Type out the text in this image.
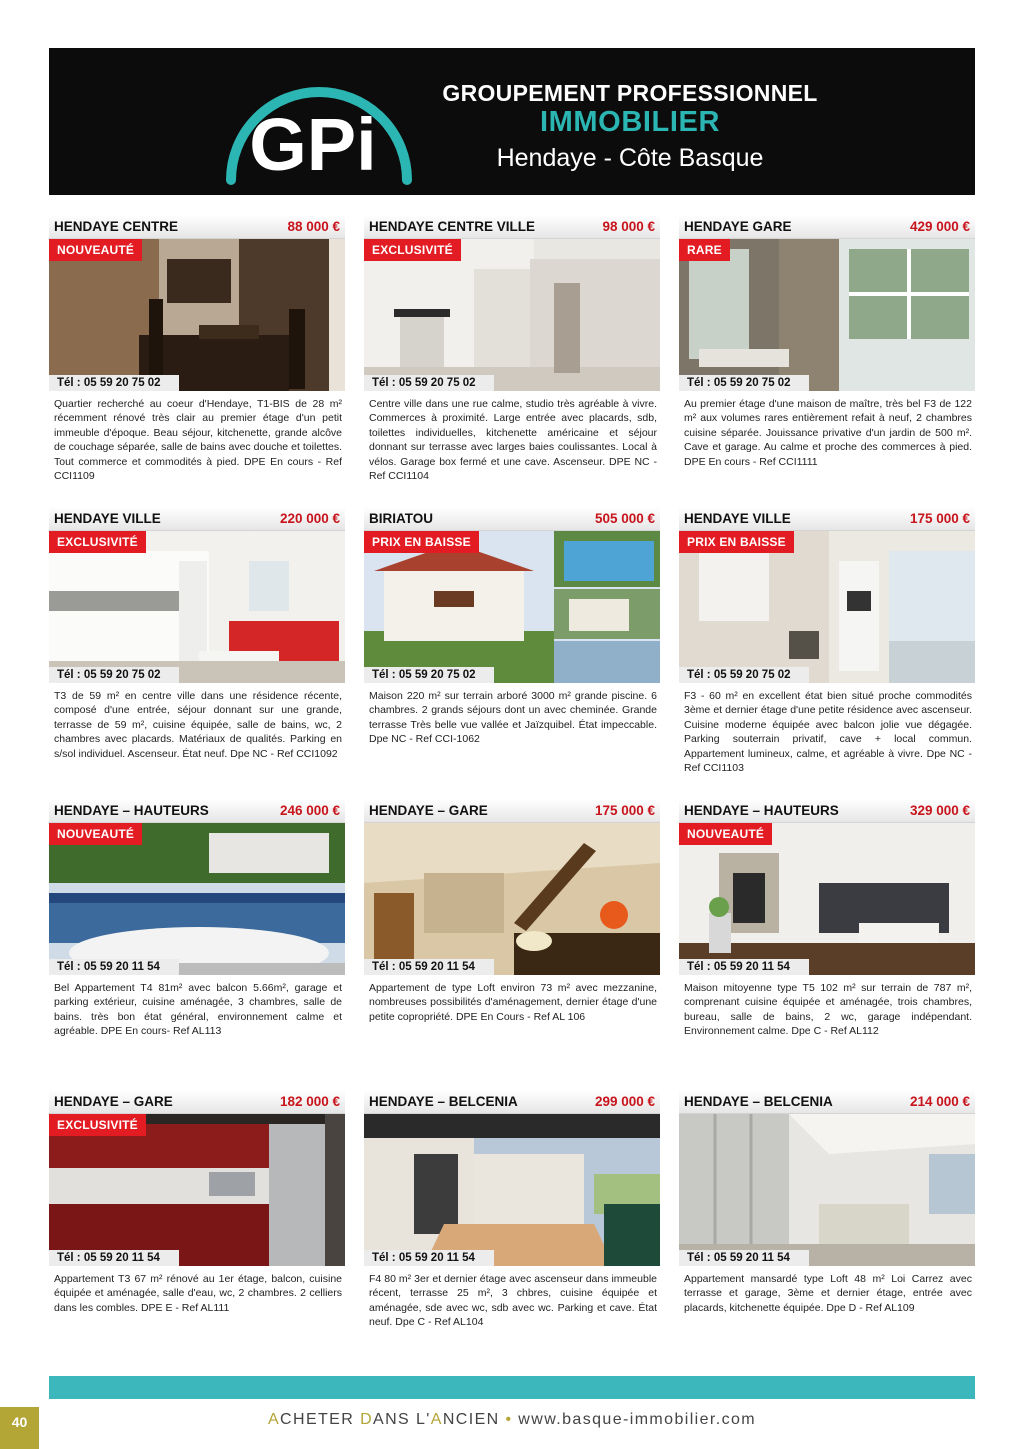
GPi
GROUPEMENT PROFESSIONNEL
IMMOBILIER
Hendaye - Côte Basque
HENDAYE CENTRE	88 000 €
NOUVEAUTÉ
Tél : 05 59 20 75 02
Quartier recherché au coeur d'Hendaye, T1-BIS de 28 m² récemment rénové très clair au premier étage d'un petit immeuble d'époque. Beau séjour, kitchenette, grande alcôve de couchage séparée, salle de bains avec douche et toilettes. Tout commerce et commodités à pied. DPE En cours - Ref CCI1109
HENDAYE CENTRE VILLE	98 000 €
EXCLUSIVITÉ
Tél : 05 59 20 75 02
Centre ville dans une rue calme, studio très agréable à vivre. Commerces à proximité. Large entrée avec placards, sdb, toilettes individuelles, kitchenette américaine et séjour donnant sur terrasse avec larges baies coulissantes. Local à vélos. Garage box fermé et une cave. Ascenseur. DPE NC - Ref CCI1104
HENDAYE GARE	429 000 €
RARE
Tél : 05 59 20 75 02
Au premier étage d'une maison de maître, très bel F3 de 122 m² aux volumes rares entièrement refait à neuf, 2 chambres cuisine séparée. Jouissance privative d'un jardin de 500 m². Cave et garage. Au calme et proche des commerces à pied. DPE En cours - Ref CCI1111
HENDAYE VILLE	220 000 €
EXCLUSIVITÉ
Tél : 05 59 20 75 02
T3 de 59 m² en centre ville dans une résidence récente, composé d'une entrée, séjour donnant sur une grande, terrasse de 59 m², cuisine équipée, salle de bains, wc, 2 chambres avec placards. Matériaux de qualités. Parking en s/sol individuel. Ascenseur. État neuf. Dpe NC - Ref CCI1092
BIRIATOU	505 000 €
PRIX EN BAISSE
Tél : 05 59 20 75 02
Maison 220 m² sur terrain arboré 3000 m² grande piscine. 6 chambres. 2 grands séjours dont un avec cheminée. Grande terrasse Très belle vue vallée et Jaïzquibel. État impeccable. Dpe NC - Ref CCI-1062
HENDAYE VILLE	175 000 €
PRIX EN BAISSE
Tél : 05 59 20 75 02
F3 - 60 m² en excellent état bien situé proche commodités 3ème et dernier étage d'une petite résidence avec ascenseur. Cuisine moderne équipée avec balcon jolie vue dégagée. Parking souterrain privatif, cave + local commun. Appartement lumineux, calme, et agréable à vivre. Dpe NC - Ref CCI1103
HENDAYE – HAUTEURS	246 000 €
NOUVEAUTÉ
Tél : 05 59 20 11 54
Bel Appartement T4 81m² avec balcon 5.66m², garage et parking extérieur, cuisine aménagée, 3 chambres, salle de bains. très bon état général, environnement calme et agréable. DPE En cours- Ref AL113
HENDAYE – GARE	175 000 €
Tél : 05 59 20 11 54
Appartement de type Loft environ 73 m² avec mezzanine, nombreuses possibilités d'aménagement, dernier étage d'une petite copropriété. DPE En Cours - Ref AL 106
HENDAYE – HAUTEURS	329 000 €
NOUVEAUTÉ
Tél : 05 59 20 11 54
Maison mitoyenne type T5 102 m² sur terrain de 787 m², comprenant cuisine équipée et aménagée, trois chambres, bureau, salle de bains, 2 wc, garage indépendant. Environnement calme. Dpe C - Ref AL112
HENDAYE – GARE	182 000 €
EXCLUSIVITÉ
Tél : 05 59 20 11 54
Appartement T3 67 m² rénové au 1er étage, balcon, cuisine équipée et aménagée, salle d'eau, wc, 2 chambres. 2 celliers dans les combles. DPE E - Ref AL111
HENDAYE – BELCENIA	299 000 €
Tél : 05 59 20 11 54
F4 80 m² 3er et dernier étage avec ascenseur dans immeuble récent, terrasse 25 m², 3 chbres, cuisine équipée et aménagée, sde avec wc, sdb avec wc. Parking et cave. État neuf. Dpe C - Ref AL104
HENDAYE – BELCENIA	214 000 €
Tél : 05 59 20 11 54
Appartement mansardé type Loft 48 m² Loi Carrez avec terrasse et garage, 3ème et dernier étage, entrée avec placards, kitchenette équipée. Dpe D - Ref AL109
40	ACHETER DANS L'ANCIEN • www.basque-immobilier.com
